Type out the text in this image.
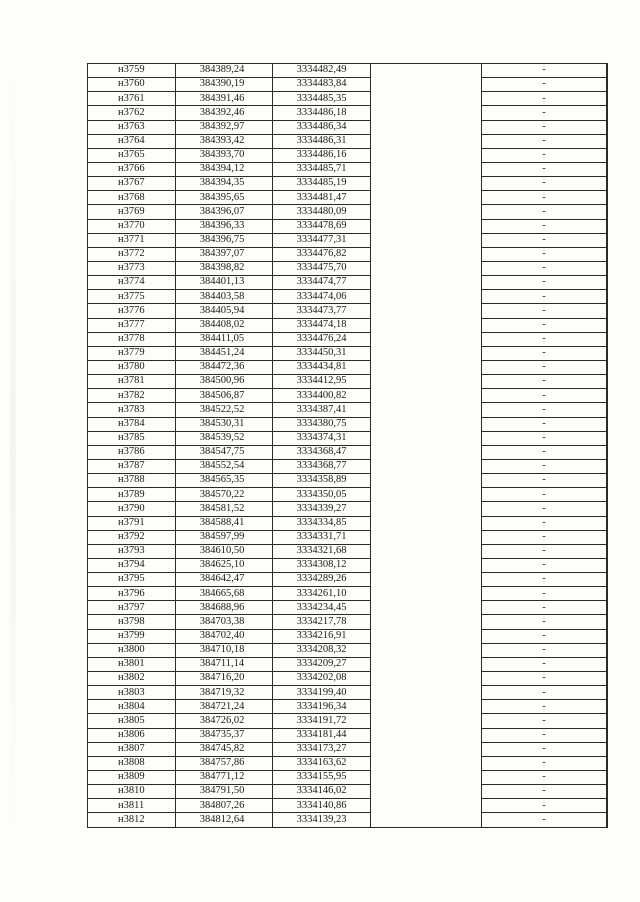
н3759	384389,24	3334482,49		-	
н3760	384390,19	3334483,84		-	
н3761	384391,46	3334485,35		-	
н3762	384392,46	3334486,18		-	
н3763	384392,97	3334486,34		-	
н3764	384393,42	3334486,31		-	
н3765	384393,70	3334486,16		-	
н3766	384394,12	3334485,71		-	
н3767	384394,35	3334485,19		-	
н3768	384395,65	3334481,47		-	
н3769	384396,07	3334480,09		-	
н3770	384396,33	3334478,69		-	
н3771	384396,75	3334477,31		-	
н3772	384397,07	3334476,82		-	
н3773	384398,82	3334475,70		-	
н3774	384401,13	3334474,77		-	
н3775	384403,58	3334474,06		-	
н3776	384405,94	3334473,77		-	
н3777	384408,02	3334474,18		-	
н3778	384411,05	3334476,24		-	
н3779	384451,24	3334450,31		-	
н3780	384472,36	3334434,81		-	
н3781	384500,96	3334412,95		-	
н3782	384506,87	3334400,82		-	
н3783	384522,52	3334387,41		-	
н3784	384530,31	3334380,75		-	
н3785	384539,52	3334374,31		-	
н3786	384547,75	3334368,47		-	
н3787	384552,54	3334368,77		-	
н3788	384565,35	3334358,89		-	
н3789	384570,22	3334350,05		-	
н3790	384581,52	3334339,27		-	
н3791	384588,41	3334334,85		-	
н3792	384597,99	3334331,71		-	
н3793	384610,50	3334321,68		-	
н3794	384625,10	3334308,12		-	
н3795	384642,47	3334289,26		-	
н3796	384665,68	3334261,10		-	
н3797	384688,96	3334234,45		-	
н3798	384703,38	3334217,78		-	
н3799	384702,40	3334216,91		-	
н3800	384710,18	3334208,32		-	
н3801	384711,14	3334209,27		-	
н3802	384716,20	3334202,08		-	
н3803	384719,32	3334199,40		-	
н3804	384721,24	3334196,34		-	
н3805	384726,02	3334191,72		-	
н3806	384735,37	3334181,44		-	
н3807	384745,82	3334173,27		-	
н3808	384757,86	3334163,62		-	
н3809	384771,12	3334155,95		-	
н3810	384791,50	3334146,02		-	
н3811	384807,26	3334140,86		-	
н3812	384812,64	3334139,23		-	
